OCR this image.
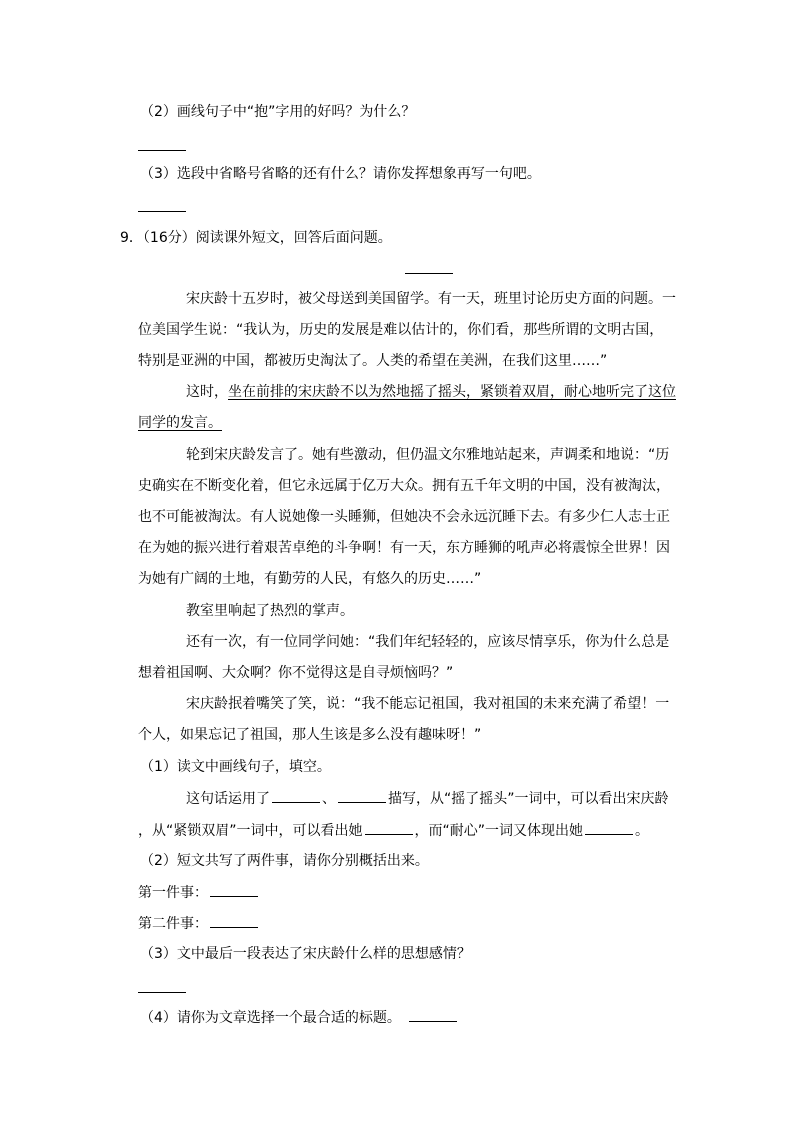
（2）画线句子中“抱”字用的好吗？为什么？
（3）选段中省略号省略的还有什么？请你发挥想象再写一句吧。
9．（16分）阅读课外短文，回答后面问题。
宋庆龄十五岁时，被父母送到美国留学。有一天，班里讨论历史方面的问题。一
位美国学生说：“我认为，历史的发展是难以估计的，你们看，那些所谓的文明古国，
特别是亚洲的中国，都被历史淘汰了。人类的希望在美洲，在我们这里……”
这时，坐在前排的宋庆龄不以为然地摇了摇头，紧锁着双眉，耐心地听完了这位
同学的发言。
轮到宋庆龄发言了。她有些激动，但仍温文尔雅地站起来，声调柔和地说：“历
史确实在不断变化着，但它永远属于亿万大众。拥有五千年文明的中国，没有被淘汰，
也不可能被淘汰。有人说她像一头睡狮，但她决不会永远沉睡下去。有多少仁人志士正
在为她的振兴进行着艰苦卓绝的斗争啊！有一天，东方睡狮的吼声必将震惊全世界！因
为她有广阔的土地，有勤劳的人民，有悠久的历史……”
教室里响起了热烈的掌声。
还有一次，有一位同学问她：“我们年纪轻轻的，应该尽情享乐，你为什么总是
想着祖国啊、大众啊？你不觉得这是自寻烦恼吗？”
宋庆龄抿着嘴笑了笑，说：“我不能忘记祖国，我对祖国的未来充满了希望！一
个人，如果忘记了祖国，那人生该是多么没有趣味呀！”
（1）读文中画线句子，填空。
这句话运用了	、	描写，从“摇了摇头”一词中，可以看出宋庆龄
，从“紧锁双眉”一词中，可以看出她	，而“耐心”一词又体现出她	。
（2）短文共写了两件事，请你分别概括出来。
第一件事：
第二件事：
（3）文中最后一段表达了宋庆龄什么样的思想感情？
（4）请你为文章选择一个最合适的标题。
